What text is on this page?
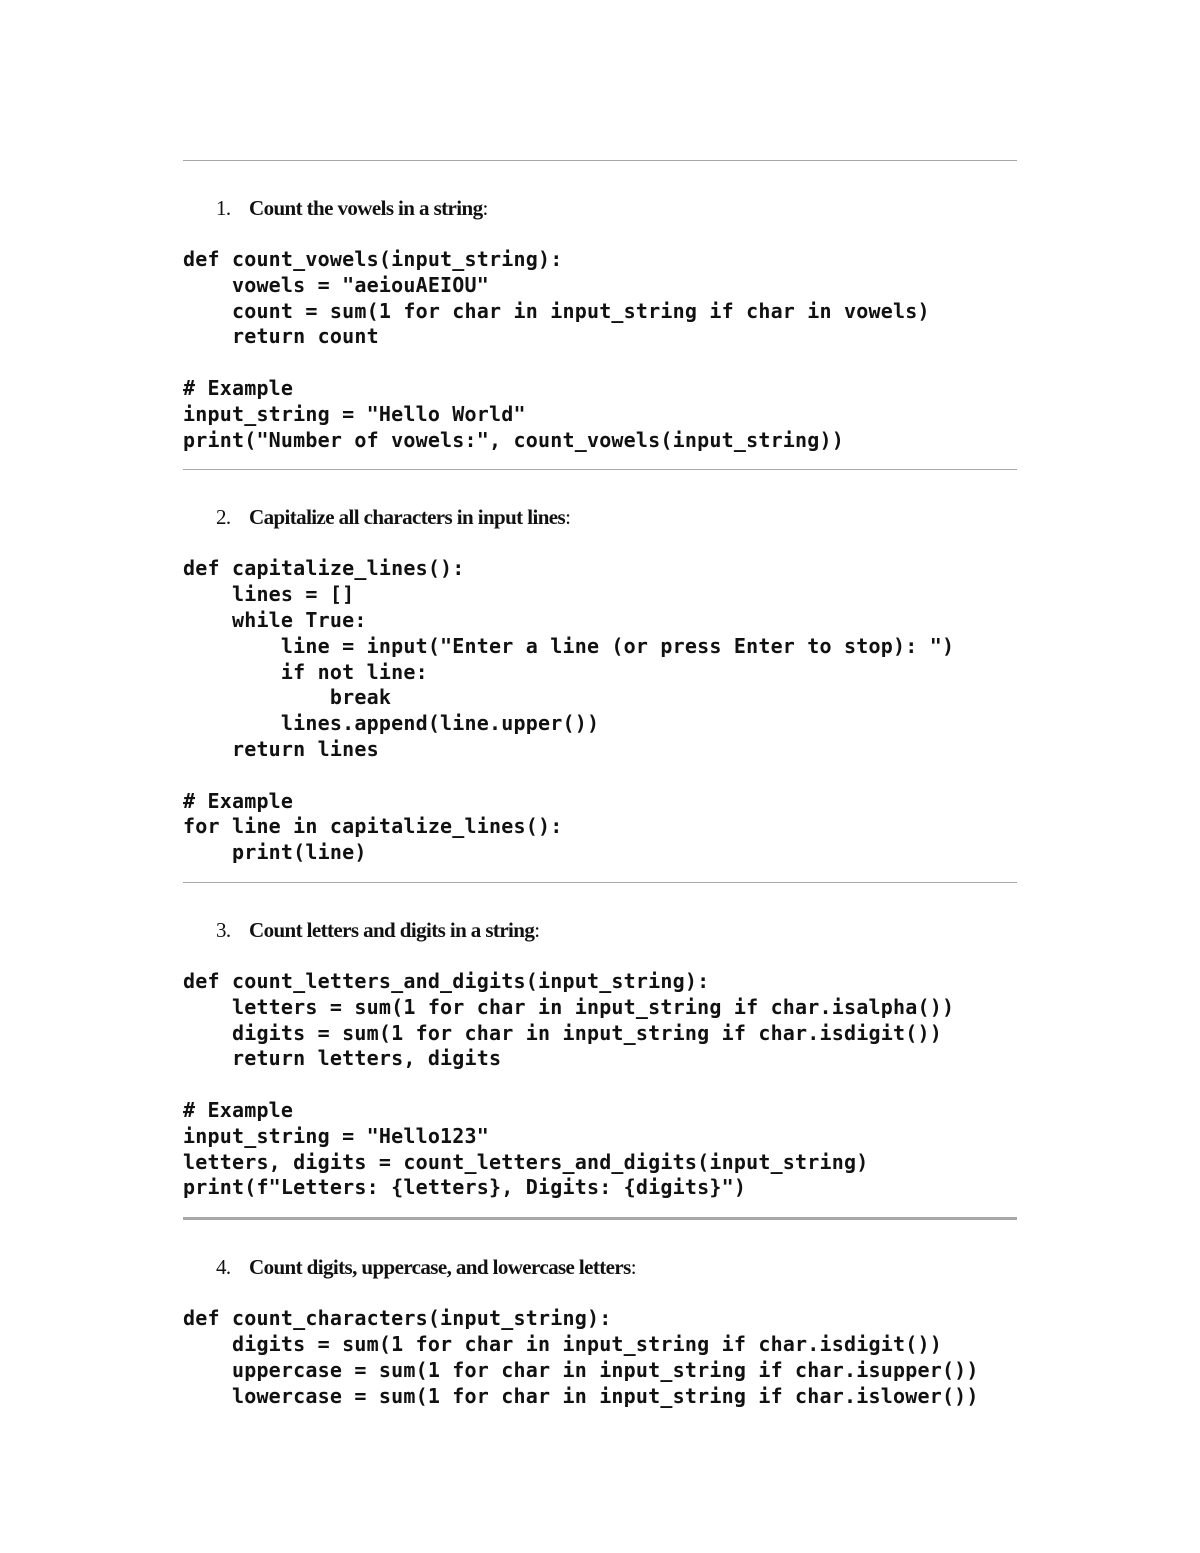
1. Count the vowels in a string:
def count_vowels(input_string):
vowels = "aeiouAEIOU"
count = sum(1 for char in input_string if char in vowels)
return count

# Example
input_string = "Hello World"
print("Number of vowels:", count_vowels(input_string))
2. Capitalize all characters in input lines:
def capitalize_lines():
lines = []
while True:
line = input("Enter a line (or press Enter to stop): ")
if not line:
break
lines.append(line.upper())
return lines

# Example
for line in capitalize_lines():
print(line)
3. Count letters and digits in a string:
def count_letters_and_digits(input_string):
letters = sum(1 for char in input_string if char.isalpha())
digits = sum(1 for char in input_string if char.isdigit())
return letters, digits

# Example
input_string = "Hello123"
letters, digits = count_letters_and_digits(input_string)
print(f"Letters: {letters}, Digits: {digits}")
4. Count digits, uppercase, and lowercase letters:
def count_characters(input_string):
digits = sum(1 for char in input_string if char.isdigit())
uppercase = sum(1 for char in input_string if char.isupper())
lowercase = sum(1 for char in input_string if char.islower())
